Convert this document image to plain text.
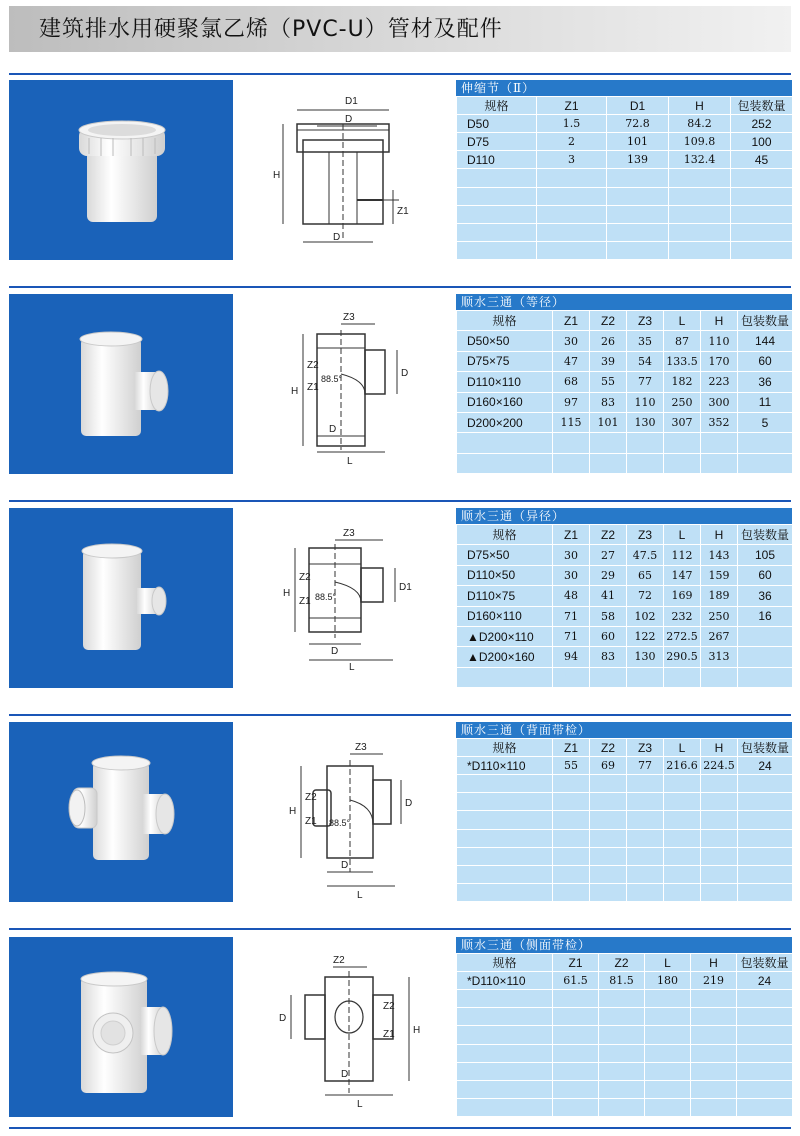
建筑排水用硬聚氯乙烯（PVC-U）管材及配件
D1
D
H
D
Z1
伸缩节（Ⅱ）
规格	Z1	D1	H	包装数量
D50	1.5	72.8	84.2	252
D75	2	101	109.8	100
D110	3	139	132.4	45

Z3
H
Z2
Z1
88.5°	D
D
L
顺水三通（等径）
规格	Z1	Z2	Z3	L	H	包装数量
D50×50	30	26	35	87	110	144
D75×75	47	39	54	133.5	170	60
D110×110	68	55	77	182	223	36
D160×160	97	83	110	250	300	11
D200×200	115	101	130	307	352	5

Z3
H
Z2
Z1 88.5°
D1
D
L
顺水三通（异径）
规格	Z1	Z2	Z3	L	H	包装数量
D75×50	30	27	47.5	112	143	105
D110×50	30	29	65	147	159	60
D110×75	48	41	72	169	189	36
D160×110	71	58	102	232	250	16
▲D200×110	71	60	122	272.5	267	
▲D200×160	94	83	130	290.5	313	

Z3
H
Z2
Z1 88.5°
D
D
L
顺水三通（背面带检）
规格	Z1	Z2	Z3	L	H	包装数量
*D110×110	55	69	77	216.6	224.5	24

Z2
D
Z2
Z1 H
D
L
顺水三通（侧面带检）
规格	Z1	Z2	L	H	包装数量
*D110×110	61.5	81.5	180	219	24
